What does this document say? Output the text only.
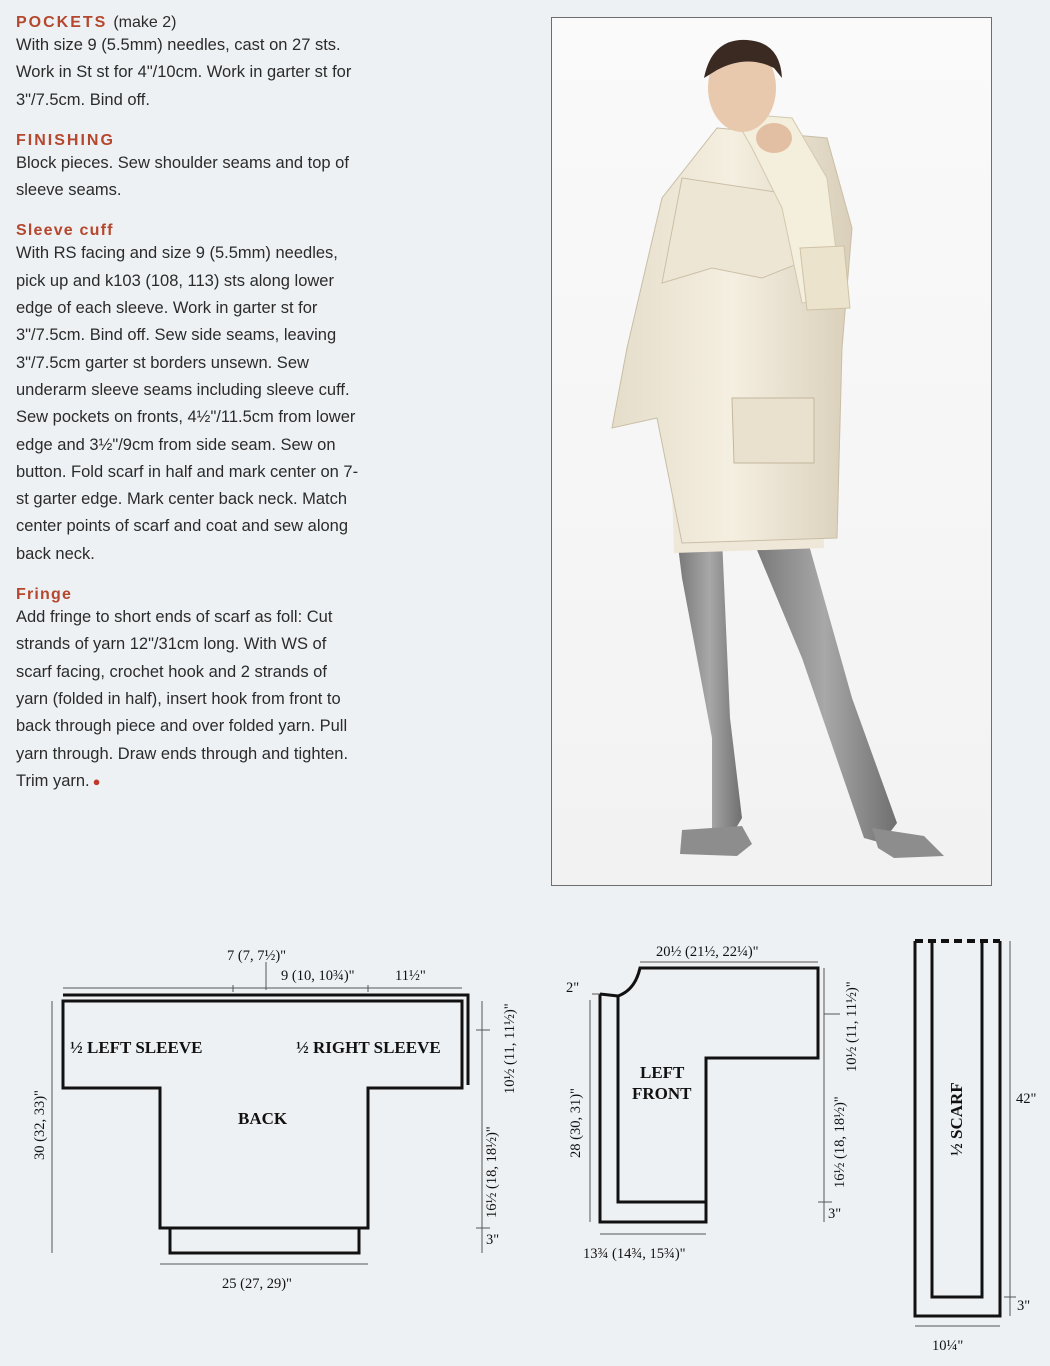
POCKETS (make 2)

With size 9 (5.5mm) needles, cast on 27 sts. Work in St st for 4"/10cm. Work in garter st for 3"/7.5cm. Bind off.

FINISHING

Block pieces. Sew shoulder seams and top of sleeve seams.

Sleeve cuff

With RS facing and size 9 (5.5mm) needles, pick up and k103 (108, 113) sts along lower edge of each sleeve. Work in garter st for 3"/7.5cm. Bind off. Sew side seams, leaving 3"/7.5cm garter st borders unsewn. Sew underarm sleeve seams including sleeve cuff. Sew pockets on fronts, 4½"/11.5cm from lower edge and 3½"/9cm from side seam. Sew on button. Fold scarf in half and mark center on 7-st garter edge. Mark center back neck. Match center points of scarf and coat and sew along back neck.

Fringe

Add fringe to short ends of scarf as foll: Cut strands of yarn 12"/31cm long. With WS of scarf facing, crochet hook and 2 strands of yarn (folded in half), insert hook from front to back through piece and over folded yarn. Pull yarn through. Draw ends through and tighten. Trim yarn. ●

7 (7, 7½)"
9 (10, 10¾)"	11½"
30 (32, 33)"
10½ (11, 11½)"
16½ (18, 18½)"
3"
25 (27, 29)"
½ LEFT SLEEVE	½ RIGHT SLEEVE
BACK
20½ (21½, 22¼)"
2"
28 (30, 31)"
10½ (11, 11½)"
16½ (18, 18½)"
3"
13¾ (14¾, 15¾)"
LEFT
FRONT	½ SCARF	42"
3"
10¼"
